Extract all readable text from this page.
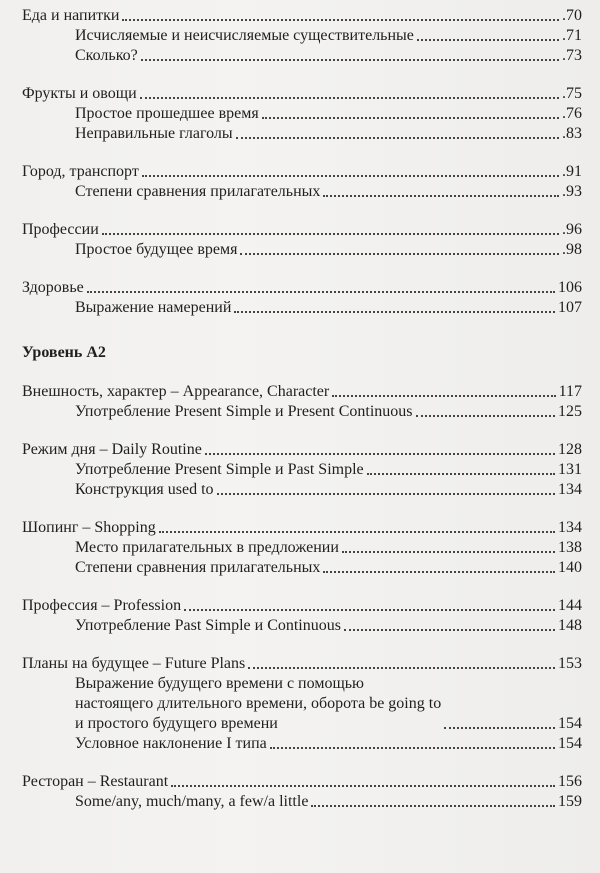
Еда и напитки	.70
Исчисляемые и неисчисляемые существительные	.71
Сколько?	.73
Фрукты и овощи	.75
Простое прошедшее время	.76
Неправильные глаголы	.83
Город, транспорт	.91
Степени сравнения прилагательных	.93
Профессии	.96
Простое будущее время	.98
Здоровье	106
Выражение намерений	107
Уровень А2
Внешность, характер – Appearance, Character	117
Употребление Present Simple и Present Continuous	125
Режим дня – Daily Routine	128
Употребление Present Simple и Past Simple	131
Конструкция used to	134
Шопинг – Shopping	134
Место прилагательных в предложении	138
Степени сравнения прилагательных	140
Профессия – Profession	144
Употребление Past Simple и Continuous	148
Планы на будущее – Future Plans	153
Выражение будущего времени с помощью
настоящего длительного времени, оборота be going to
и простого будущего времени	154
Условное наклонение I типа	154
Ресторан – Restaurant	156
Some/any, much/many, a few/a little	159
